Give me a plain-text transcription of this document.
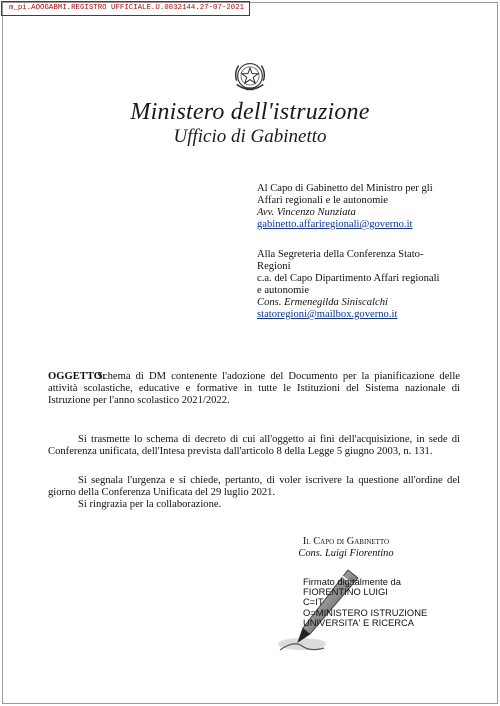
m_pi.AOOGABMI.REGISTRO UFFICIALE.U.0032144.27-07-2021
Ministero dell'istruzione
Ufficio di Gabinetto
Al Capo di Gabinetto del Ministro per gli
Affari regionali e le autonomie
Avv. Vincenzo Nunziata
gabinetto.affariregionali@governo.it
Alla Segreteria della Conferenza Stato-
Regioni
c.a. del Capo Dipartimento Affari regionali
e autonomie
Cons. Ermenegilda Siniscalchi
statoregioni@mailbox.governo.it
OGGETTO:
Schema di DM contenente l'adozione del Documento per la pianificazione delle attività scolastiche, educative e formative in tutte le Istituzioni del Sistema nazionale di Istruzione per l'anno scolastico 2021/2022.
Si trasmette lo schema di decreto di cui all'oggetto ai fini dell'acquisizione, in sede di Conferenza unificata, dell'Intesa prevista dall'articolo 8 della Legge 5 giugno 2003, n. 131.
Si segnala l'urgenza e si chiede, pertanto, di voler iscrivere la questione all'ordine del giorno della Conferenza Unificata del 29 luglio 2021.
Si ringrazia per la collaborazione.
Il Capo di Gabinetto
Cons. Luigi Fiorentino
Firmato digitalmente da
FIORENTINO LUIGI
C=IT
O=MINISTERO ISTRUZIONE
UNIVERSITA' E RICERCA
